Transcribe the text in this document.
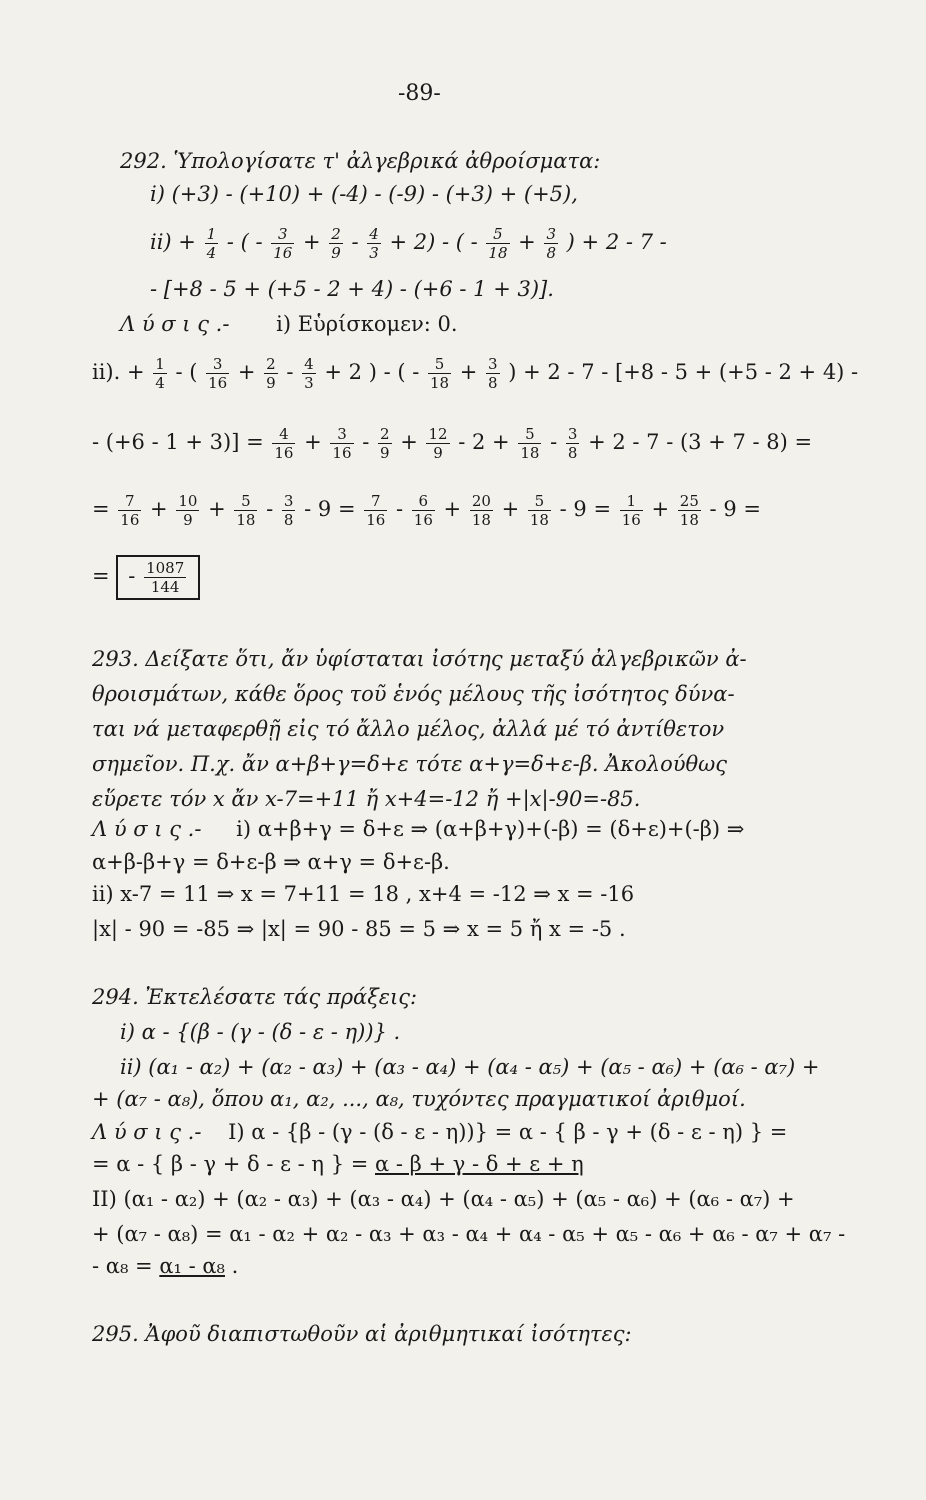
-89-
292. Ὑπολογίσατε τ' ἀλγεβρικά ἀθροίσματα:
i) (+3) - (+10) + (-4) - (-9) - (+3) + (+5),
$ii) + \frac{1}{4}$ - ( - $\frac{3}{16} + \frac{2}{9} - \frac{4}{3} + 2$) - ( - $\frac{5}{18} + \frac{3}{8}$ ) + 2 - 7 -
- [+8 - 5 + (+5 - 2 + 4) - (+6 - 1 + 3)].
Λ ύ σ ι ς .- i) Εὑρίσκομεν: 0.
ii). + $\frac{1}{4}$ - ( $\frac{3}{16} + \frac{2}{9} - \frac{4}{3} + 2$ ) - ( - $\frac{5}{18} + \frac{3}{8}$ ) + 2 - 7 - [+8 - 5 + (+5 - 2 + 4) -
- $(+6 - 1 + 3)] = \frac{4}{16} + \frac{3}{16} - \frac{2}{9} + \frac{12}{9} - 2 + \frac{5}{18} - \frac{3}{8} + 2 - 7 - (3 + 7 - 8)$ =
= $\frac{7}{16} + \frac{10}{9} + \frac{5}{18} - \frac{3}{8} - 9 = \frac{7}{16} - \frac{6}{16} + \frac{20}{18} + \frac{5}{18} - 9 = \frac{1}{16} + \frac{25}{18} - 9$ =
= - $\frac{1087}{144}$
293. Δείξατε ὅτι, ἄν ὑφίσταται ἰσότης μεταξύ ἀλγεβρικῶν ἀ-
θροισμάτων, κάθε ὅρος τοῦ ἑνός μέλους τῆς ἰσότητος δύνα-
ται νά μεταφερθῇ εἰς τό ἄλλο μέλος, ἀλλά μέ τό ἀντίθετον
σημεῖον. Π.χ. ἄν α+β+γ=δ+ε τότε α+γ=δ+ε-β. Ἀκολούθως
εὕρετε τόν x ἄν x-7=+11 ἤ x+4=-12 ἤ +|x|-90=-85.
Λ ύ σ ι ς .- i) α+β+γ = δ+ε ⇒ (α+β+γ)+(-β) = (δ+ε)+(-β) ⇒
α+β-β+γ = δ+ε-β ⇒ α+γ = δ+ε-β.
ii) x-7 = 11 ⇒ x = 7+11 = 18 , x+4 = -12 ⇒ x = -16
|x| - 90 = -85 ⇒ |x| = 90 - 85 = 5 ⇒ x = 5 ἤ x = -5 .
294. Ἐκτελέσατε τάς πράξεις:
i) α - {(β - (γ - (δ - ε - η))} .
ii) (α₁ - α₂) + (α₂ - α₃) + (α₃ - α₄) + (α₄ - α₅) + (α₅ - α₆) + (α₆ - α₇) +
+ (α₇ - α₈), ὅπου α₁, α₂, ..., α₈, τυχόντες πραγματικοί ἀριθμοί.
Λ ύ σ ι ς .- I) α - {β - (γ - (δ - ε - η))} = α - { β - γ + (δ - ε - η) } =
= α - { β - γ + δ - ε - η } = α - β + γ - δ + ε + η
II) (α₁ - α₂) + (α₂ - α₃) + (α₃ - α₄) + (α₄ - α₅) + (α₅ - α₆) + (α₆ - α₇) +
+ (α₇ - α₈) = α₁ - α₂ + α₂ - α₃ + α₃ - α₄ + α₄ - α₅ + α₅ - α₆ + α₆ - α₇ + α₇ -
- α₈ = α₁ - α₈ .
295. Ἀφοῦ διαπιστωθοῦν αἱ ἀριθμητικαί ἰσότητες:
